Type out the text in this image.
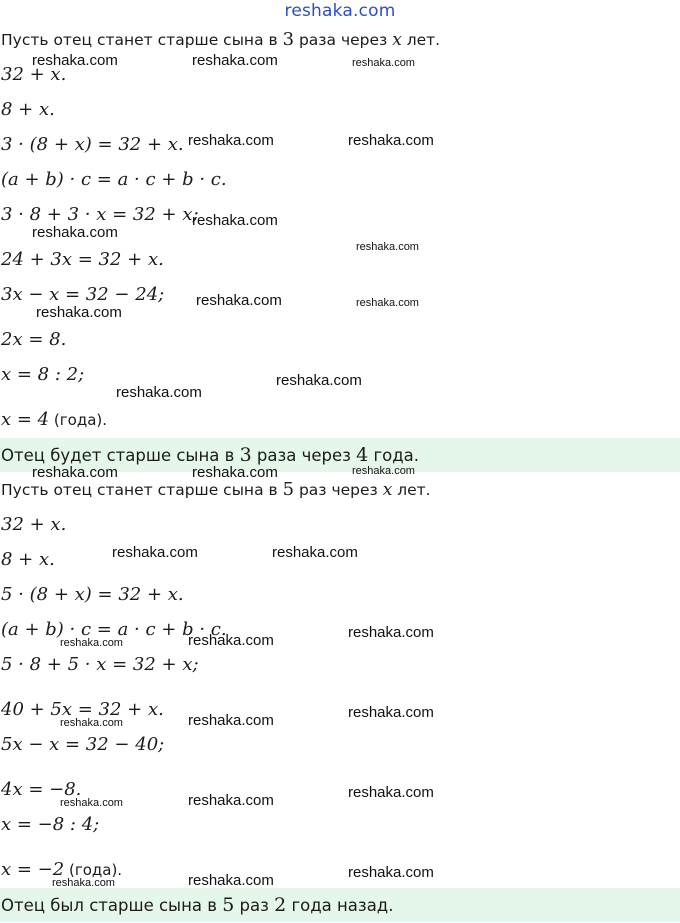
reshaka.com
Пусть отец станет старше сына в 3 раза через x лет.
32 + x.
8 + x.
3 · (8 + x) = 32 + x.
(a + b) · c = a · c + b · c.
3 · 8 + 3 · x = 32 + x;
24 + 3x = 32 + x.
3x − x = 32 − 24;
2x = 8.
x = 8 : 2;
x = 4 (года).
Отец будет старше сына в 3 раза через 4 года.
Пусть отец станет старше сына в 5 раз через x лет.
32 + x.
8 + x.
5 · (8 + x) = 32 + x.
(a + b) · c = a · c + b · c.
5 · 8 + 5 · x = 32 + x;
40 + 5x = 32 + x.
5x − x = 32 − 40;
4x = −8.
x = −8 : 4;
x = −2 (года).
Отец был старше сына в 5 раз 2 года назад.
reshaka.com	reshaka.com	reshaka.com
reshaka.com	reshaka.com
reshaka.com
reshaka.com
reshaka.com
reshaka.com	reshaka.com
reshaka.com
reshaka.com
reshaka.com
reshaka.com	reshaka.com	reshaka.com
reshaka.com	reshaka.com
reshaka.com
reshaka.com	reshaka.com
reshaka.com
reshaka.com	reshaka.com
reshaka.com
reshaka.com	reshaka.com
reshaka.com
reshaka.com	reshaka.com
